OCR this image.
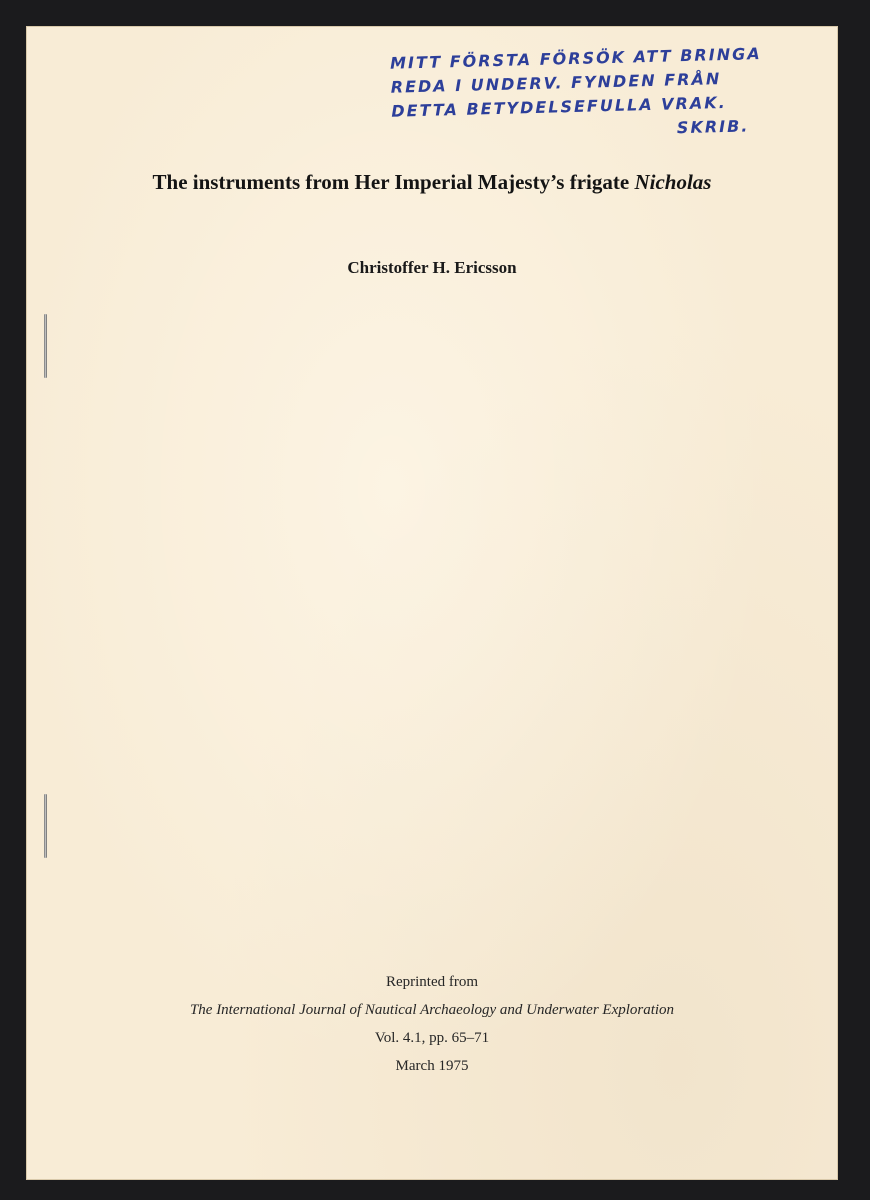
MITT FÖRSTA FÖRSÖK ATT BRINGA
REDA I UNDERV. FYNDEN FRÅN
DETTA BETYDELSEFULLA VRAK.
SKRIB.
The instruments from Her Imperial Majesty’s frigate Nicholas
Christoffer H. Ericsson
Reprinted from
The International Journal of Nautical Archaeology and Underwater Exploration
Vol. 4.1, pp. 65–71
March 1975
